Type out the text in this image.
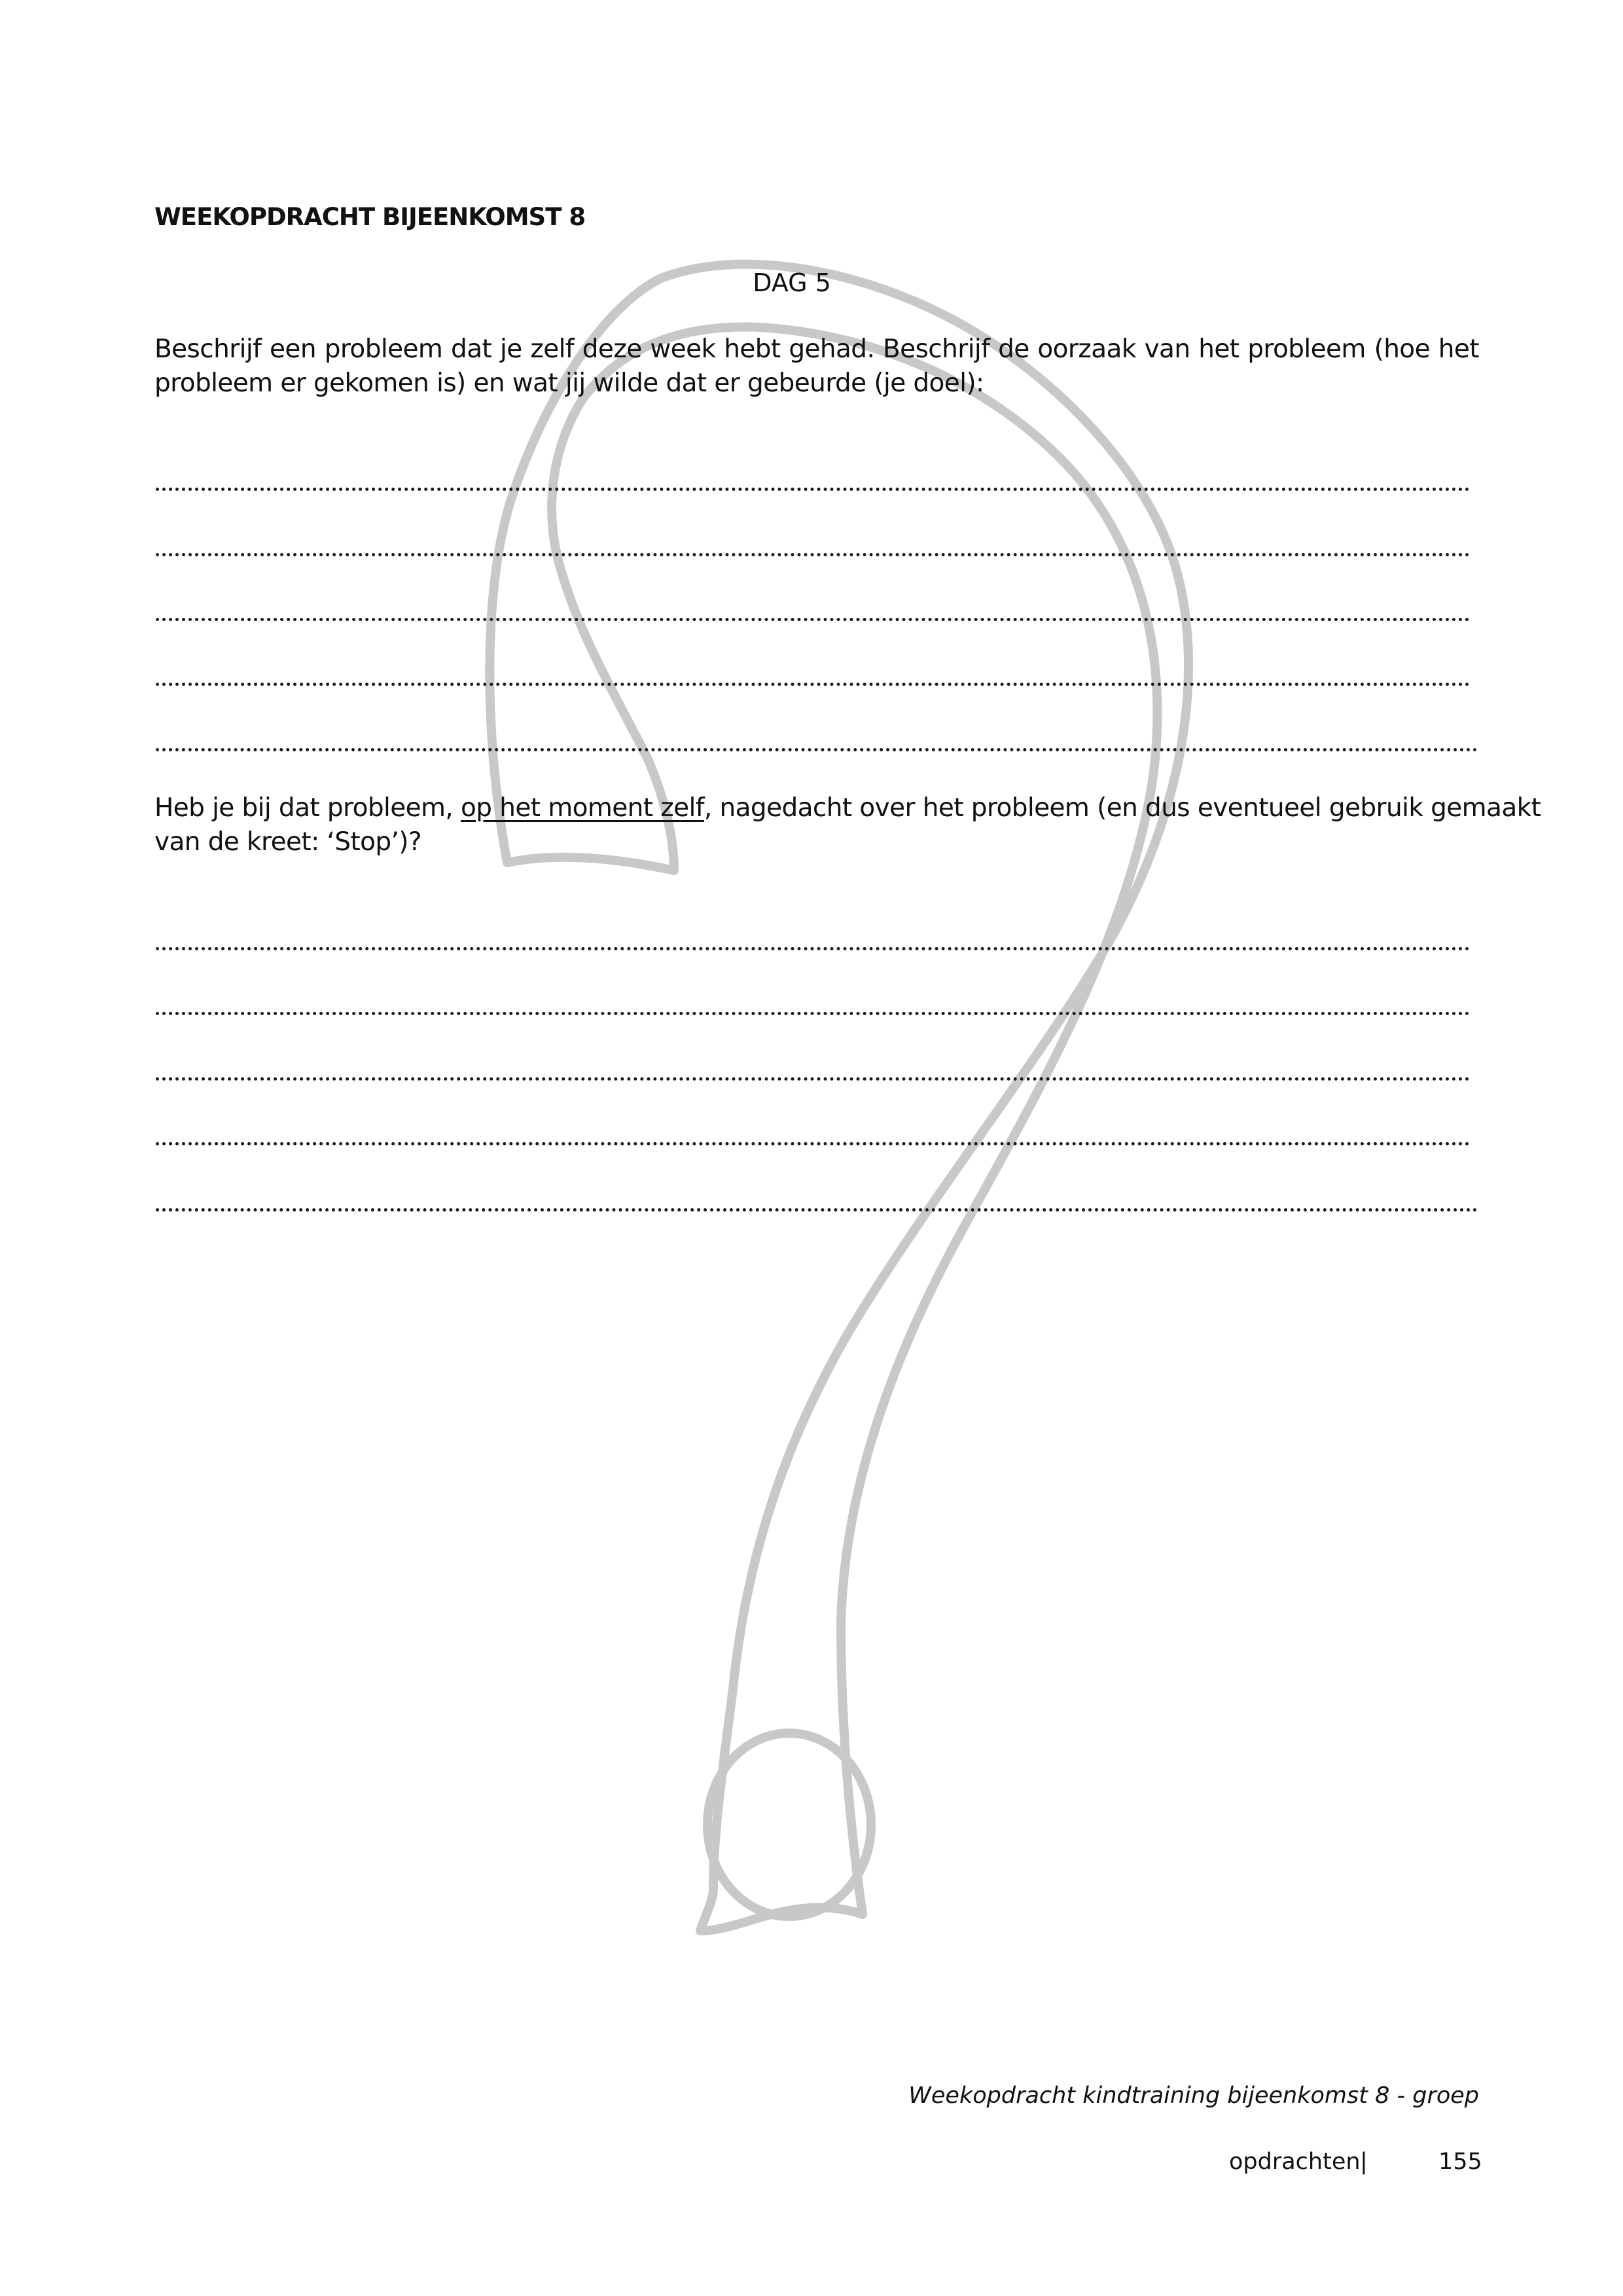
WEEKOPDRACHT BIJEENKOMST 8
DAG 5
Beschrijf een probleem dat je zelf deze week hebt gehad. Beschrijf de oorzaak van het probleem (hoe het
probleem er gekomen is) en wat jij wilde dat er gebeurde (je doel):
Heb je bij dat probleem, op het moment zelf, nagedacht over het probleem (en dus eventueel gebruik gemaakt
van de kreet: ‘Stop’)?
Weekopdracht kindtraining bijeenkomst 8 - groep
opdrachten |	155
